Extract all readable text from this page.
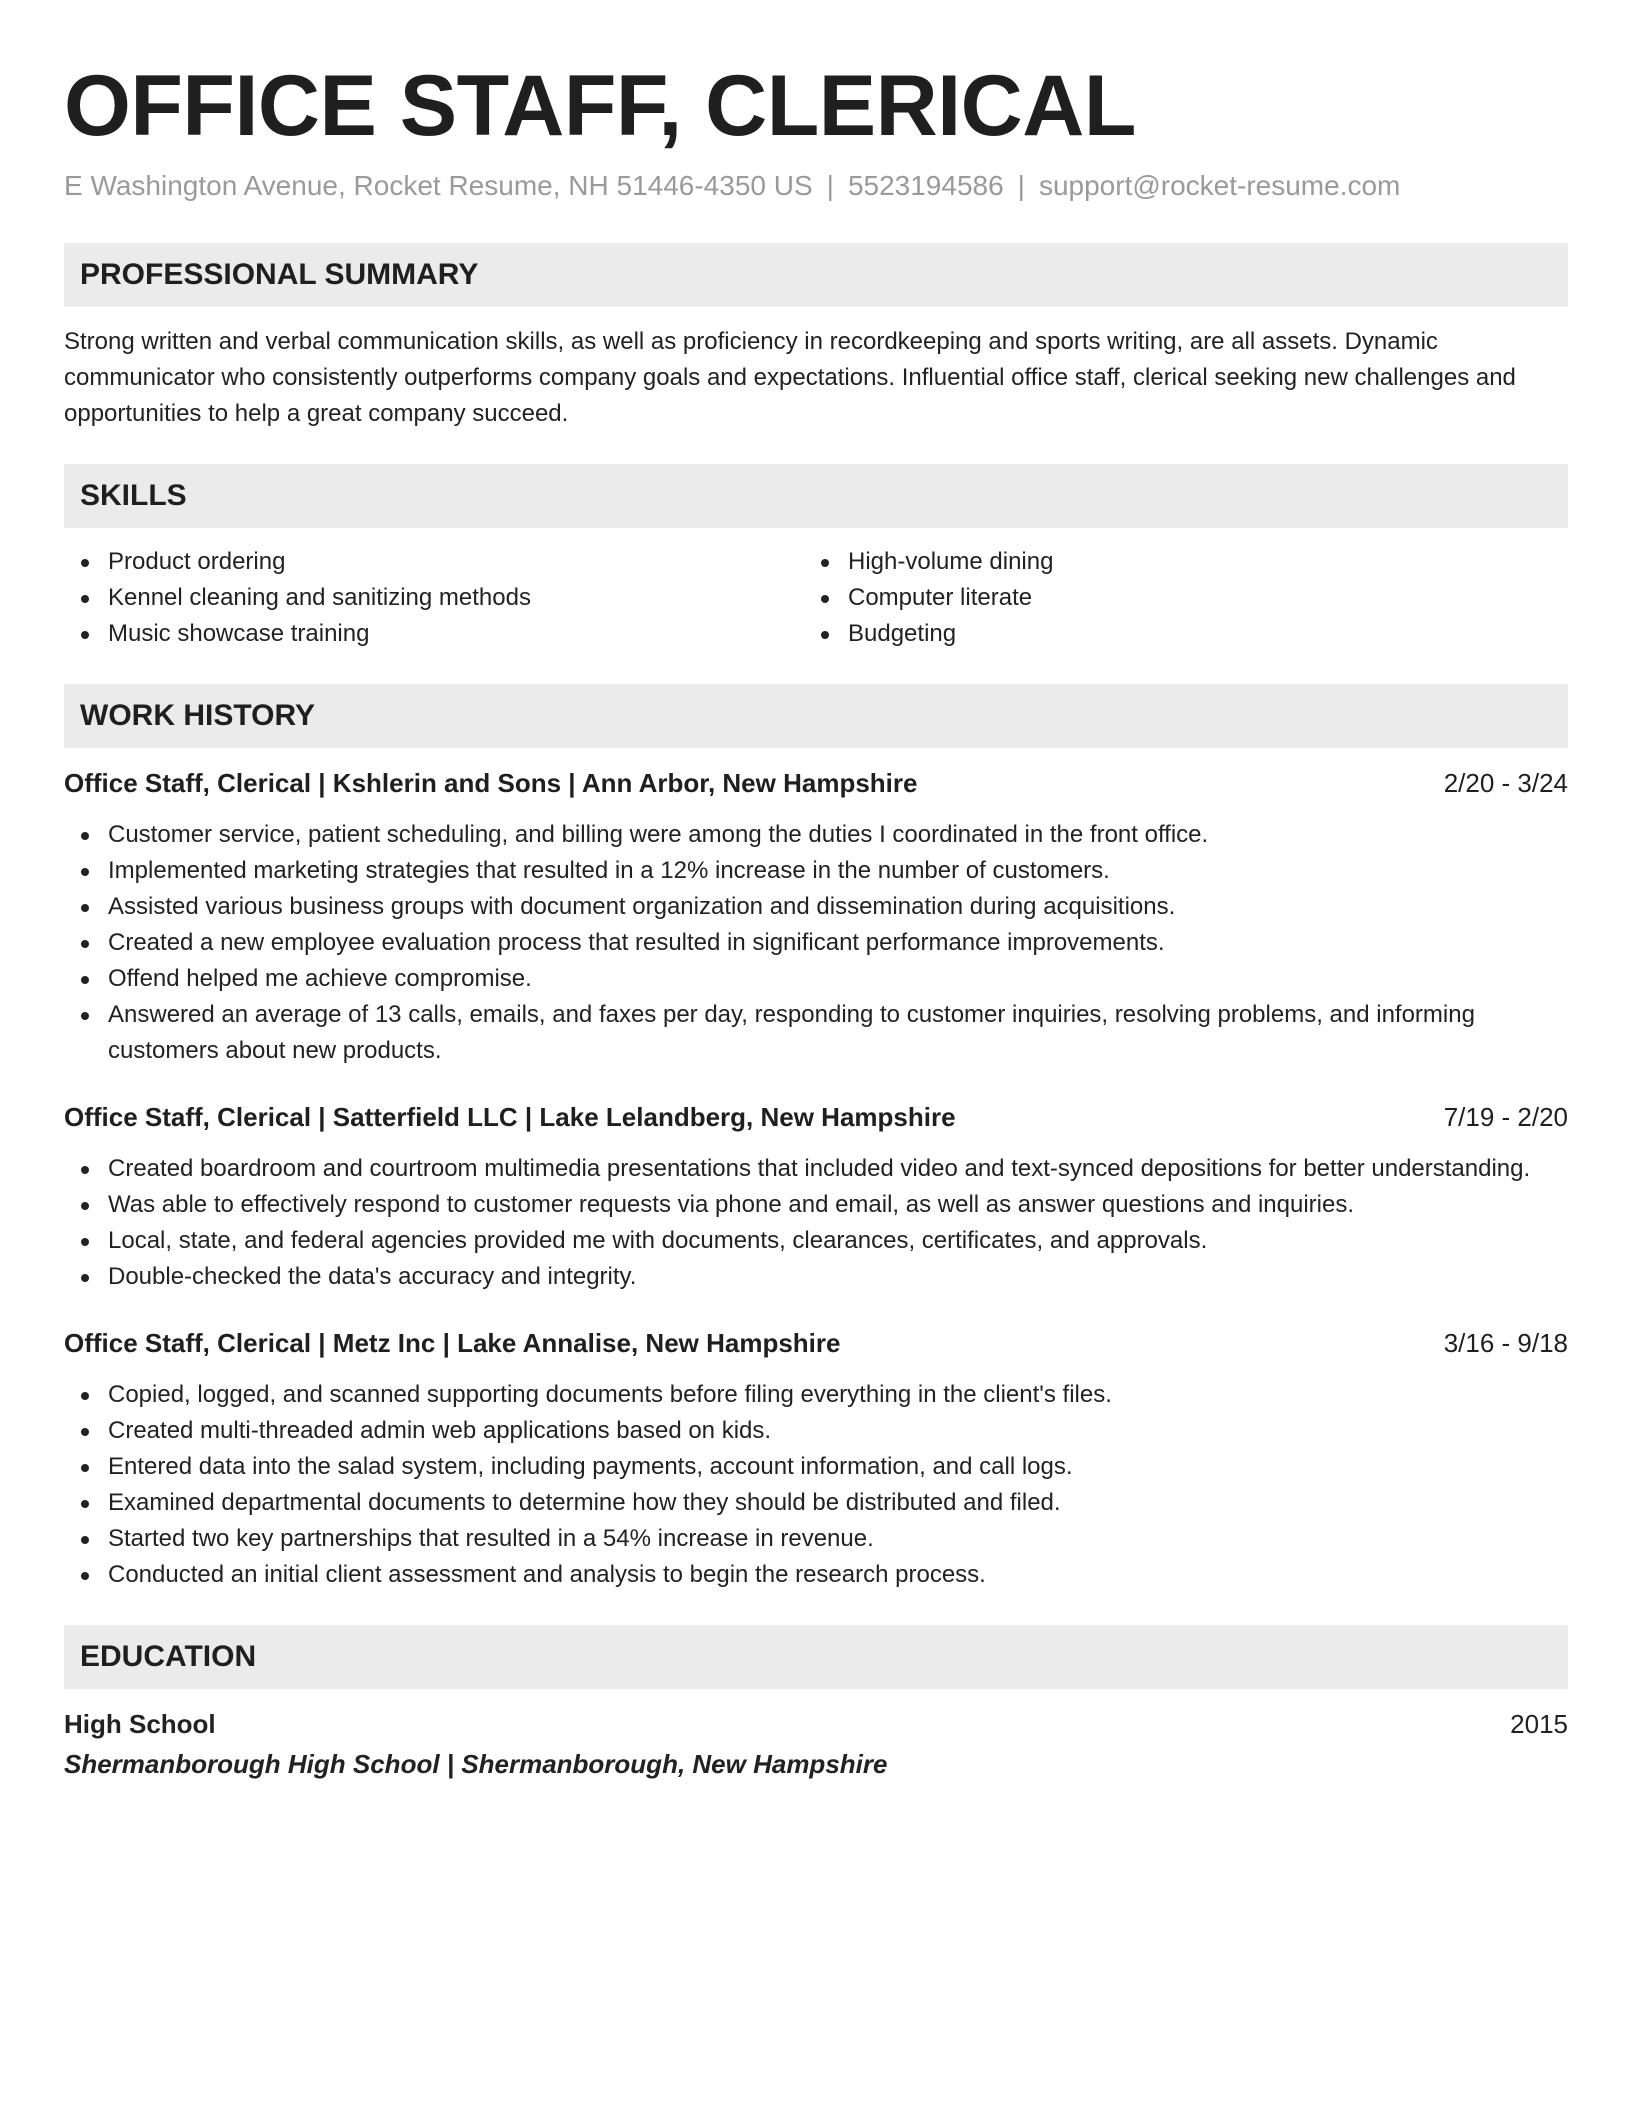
OFFICE STAFF, CLERICAL
E Washington Avenue, Rocket Resume, NH 51446-4350 US | 5523194586 | support@rocket-resume.com
PROFESSIONAL SUMMARY

Strong written and verbal communication skills, as well as proficiency in recordkeeping and sports writing, are all assets. Dynamic communicator who consistently outperforms company goals and expectations. Influential office staff, clerical seeking new challenges and opportunities to help a great company succeed.

SKILLS
Product ordering
Kennel cleaning and sanitizing methods
Music showcase training
High-volume dining
Computer literate
Budgeting
WORK HISTORY
Office Staff, Clerical | Kshlerin and Sons | Ann Arbor, New Hampshire	2/20 - 3/24
Customer service, patient scheduling, and billing were among the duties I coordinated in the front office.
Implemented marketing strategies that resulted in a 12% increase in the number of customers.
Assisted various business groups with document organization and dissemination during acquisitions.
Created a new employee evaluation process that resulted in significant performance improvements.
Offend helped me achieve compromise.
Answered an average of 13 calls, emails, and faxes per day, responding to customer inquiries, resolving problems, and informing customers about new products.
Office Staff, Clerical | Satterfield LLC | Lake Lelandberg, New Hampshire	7/19 - 2/20
Created boardroom and courtroom multimedia presentations that included video and text-synced depositions for better understanding.
Was able to effectively respond to customer requests via phone and email, as well as answer questions and inquiries.
Local, state, and federal agencies provided me with documents, clearances, certificates, and approvals.
Double-checked the data's accuracy and integrity.
Office Staff, Clerical | Metz Inc | Lake Annalise, New Hampshire	3/16 - 9/18
Copied, logged, and scanned supporting documents before filing everything in the client's files.
Created multi-threaded admin web applications based on kids.
Entered data into the salad system, including payments, account information, and call logs.
Examined departmental documents to determine how they should be distributed and filed.
Started two key partnerships that resulted in a 54% increase in revenue.
Conducted an initial client assessment and analysis to begin the research process.
EDUCATION
High School	2015
Shermanborough High School | Shermanborough, New Hampshire
